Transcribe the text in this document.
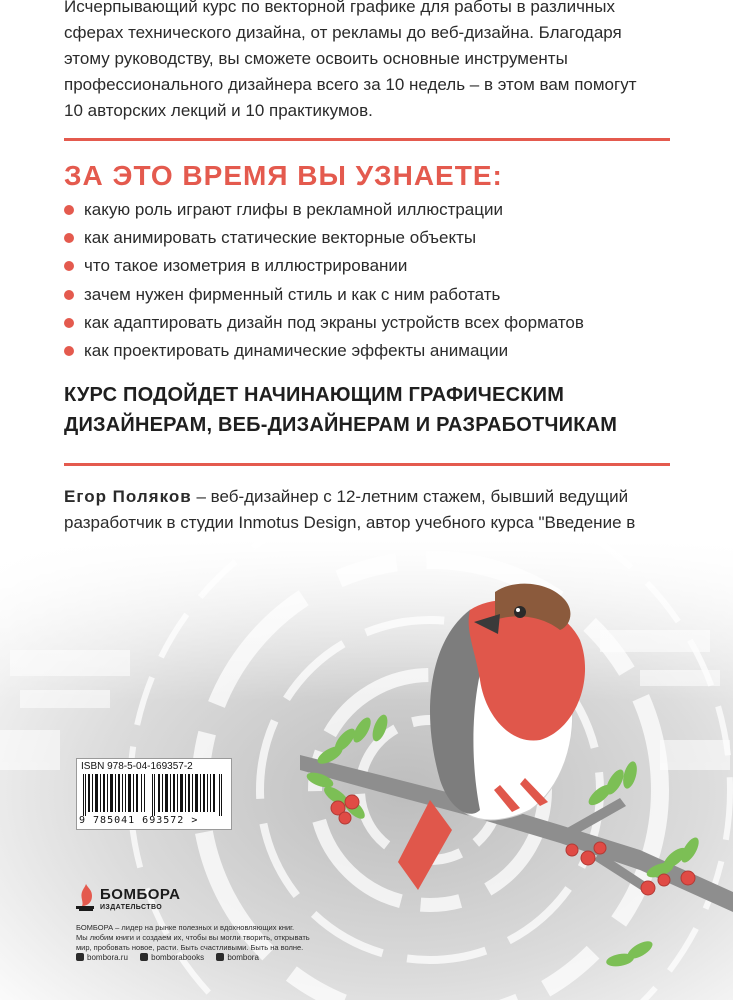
Исчерпывающий курс по векторной графике для работы в различных
сферах технического дизайна, от рекламы до веб-дизайна. Благодаря
этому руководству, вы сможете освоить основные инструменты
профессионального дизайнера всего за 10 недель – в этом вам помогут
10 авторских лекций и 10 практикумов.
ЗА ЭТО ВРЕМЯ ВЫ УЗНАЕТЕ:
какую роль играют глифы в рекламной иллюстрации
как анимировать статические векторные объекты
что такое изометрия в иллюстрировании
зачем нужен фирменный стиль и как с ним работать
как адаптировать дизайн под экраны устройств всех форматов
как проектировать динамические эффекты анимации
КУРС ПОДОЙДЕТ НАЧИНАЮЩИМ ГРАФИЧЕСКИМ
ДИЗАЙНЕРАМ, ВЕБ-ДИЗАЙНЕРАМ И РАЗРАБОТЧИКАМ
Егор Поляков – веб-дизайнер с 12-летним стажем, бывший ведущий
разработчик в студии Inmotus Design, автор учебного курса "Введение в
ISBN 978-5-04-169357-2
9 785041 693572 >
БОМБОРА
ИЗДАТЕЛЬСТВО
БОМБОРА – лидер на рынке полезных и вдохновляющих книг.
Мы любим книги и создаем их, чтобы вы могли творить, открывать
мир, пробовать новое, расти. Быть счастливыми. Быть на волне.
bombora.ru	bomborabooks	bombora
